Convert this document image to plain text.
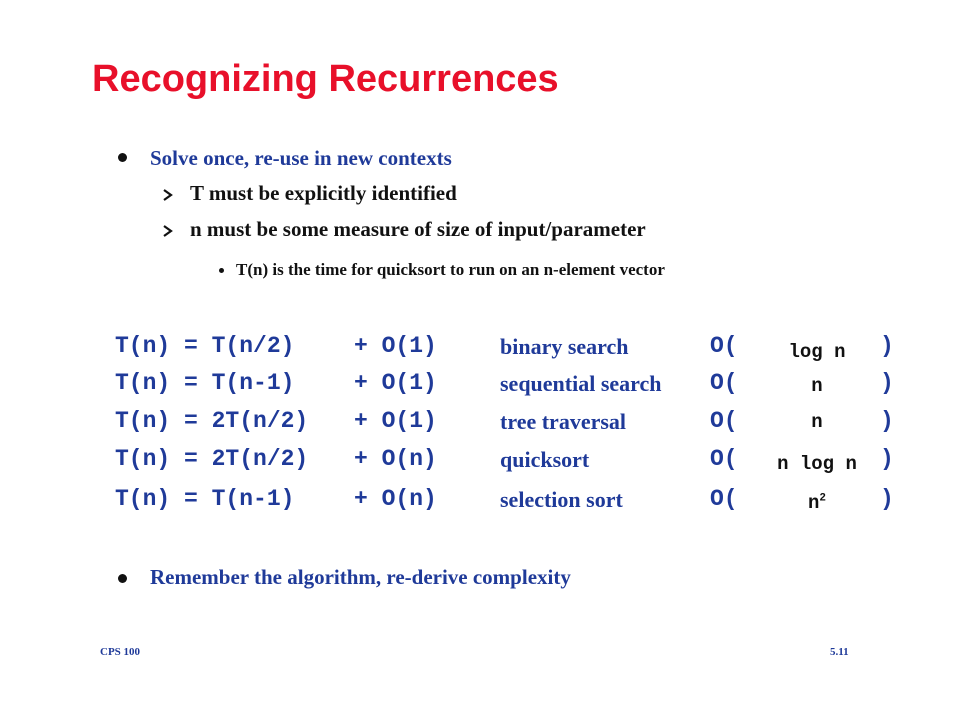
Recognizing Recurrences
Solve once, re-use in new contexts
T must be explicitly identified
n must be some measure of size of input/parameter
T(n) is the time for quicksort to run on an n-element vector
T(n) = T(n/2)	+ O(1)	binary search	O(	log n	)
T(n) = T(n-1)	+ O(1)	sequential search O(	n	)
T(n) = 2T(n/2) + O(1)	tree traversal	O(	n	)
T(n) = 2T(n/2) + O(n)	quicksort	O(	n log n	)
T(n) = T(n-1)	+ O(n)	selection sort	O(	$n^2$	)
Remember the algorithm, re-derive complexity
CPS 100	5.11
